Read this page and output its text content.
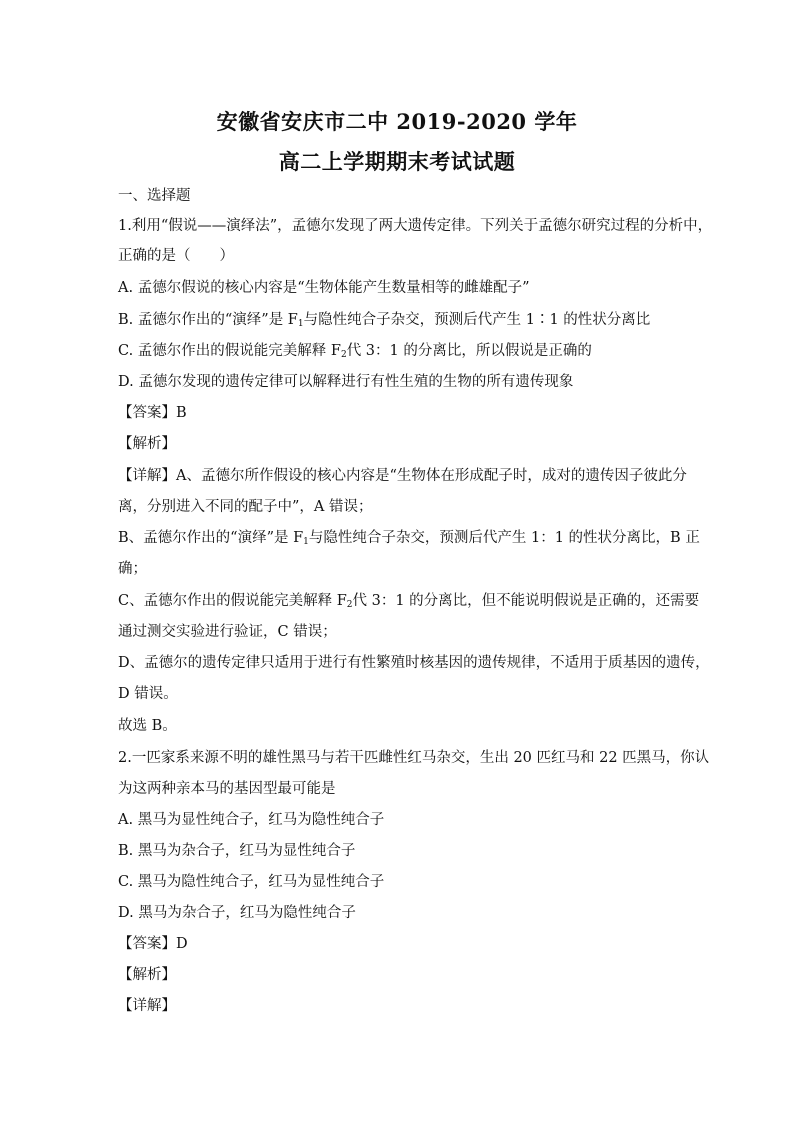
安徽省安庆市二中 2019-2020 学年
高二上学期期末考试试题
一、选择题
1.利用“假说——演绎法”，孟德尔发现了两大遗传定律。下列关于孟德尔研究过程的分析中，
正确的是（　　）
A. 孟德尔假说的核心内容是“生物体能产生数量相等的雌雄配子”
B. 孟德尔作出的“演绎”是 $F_1$与隐性纯合子杂交，预测后代产生 1∶1 的性状分离比
C. 孟德尔作出的假说能完美解释 $F_2$代 3：1 的分离比，所以假说是正确的
D. 孟德尔发现的遗传定律可以解释进行有性生殖的生物的所有遗传现象
【答案】B
【解析】
【详解】A、孟德尔所作假设的核心内容是“生物体在形成配子时，成对的遗传因子彼此分
离，分别进入不同的配子中”，A 错误；
B、孟德尔作出的“演绎”是 $F_1$与隐性纯合子杂交，预测后代产生 1：1 的性状分离比，B 正
确；
C、孟德尔作出的假说能完美解释 $F_2$代 3：1 的分离比，但不能说明假说是正确的，还需要
通过测交实验进行验证，C 错误；
D、孟德尔的遗传定律只适用于进行有性繁殖时核基因的遗传规律，不适用于质基因的遗传，
D 错误。
故选 B。
2.一匹家系来源不明的雄性黑马与若干匹雌性红马杂交，生出 20 匹红马和 22 匹黑马，你认
为这两种亲本马的基因型最可能是
A. 黑马为显性纯合子，红马为隐性纯合子
B. 黑马为杂合子，红马为显性纯合子
C. 黑马为隐性纯合子，红马为显性纯合子
D. 黑马为杂合子，红马为隐性纯合子
【答案】D
【解析】
【详解】
